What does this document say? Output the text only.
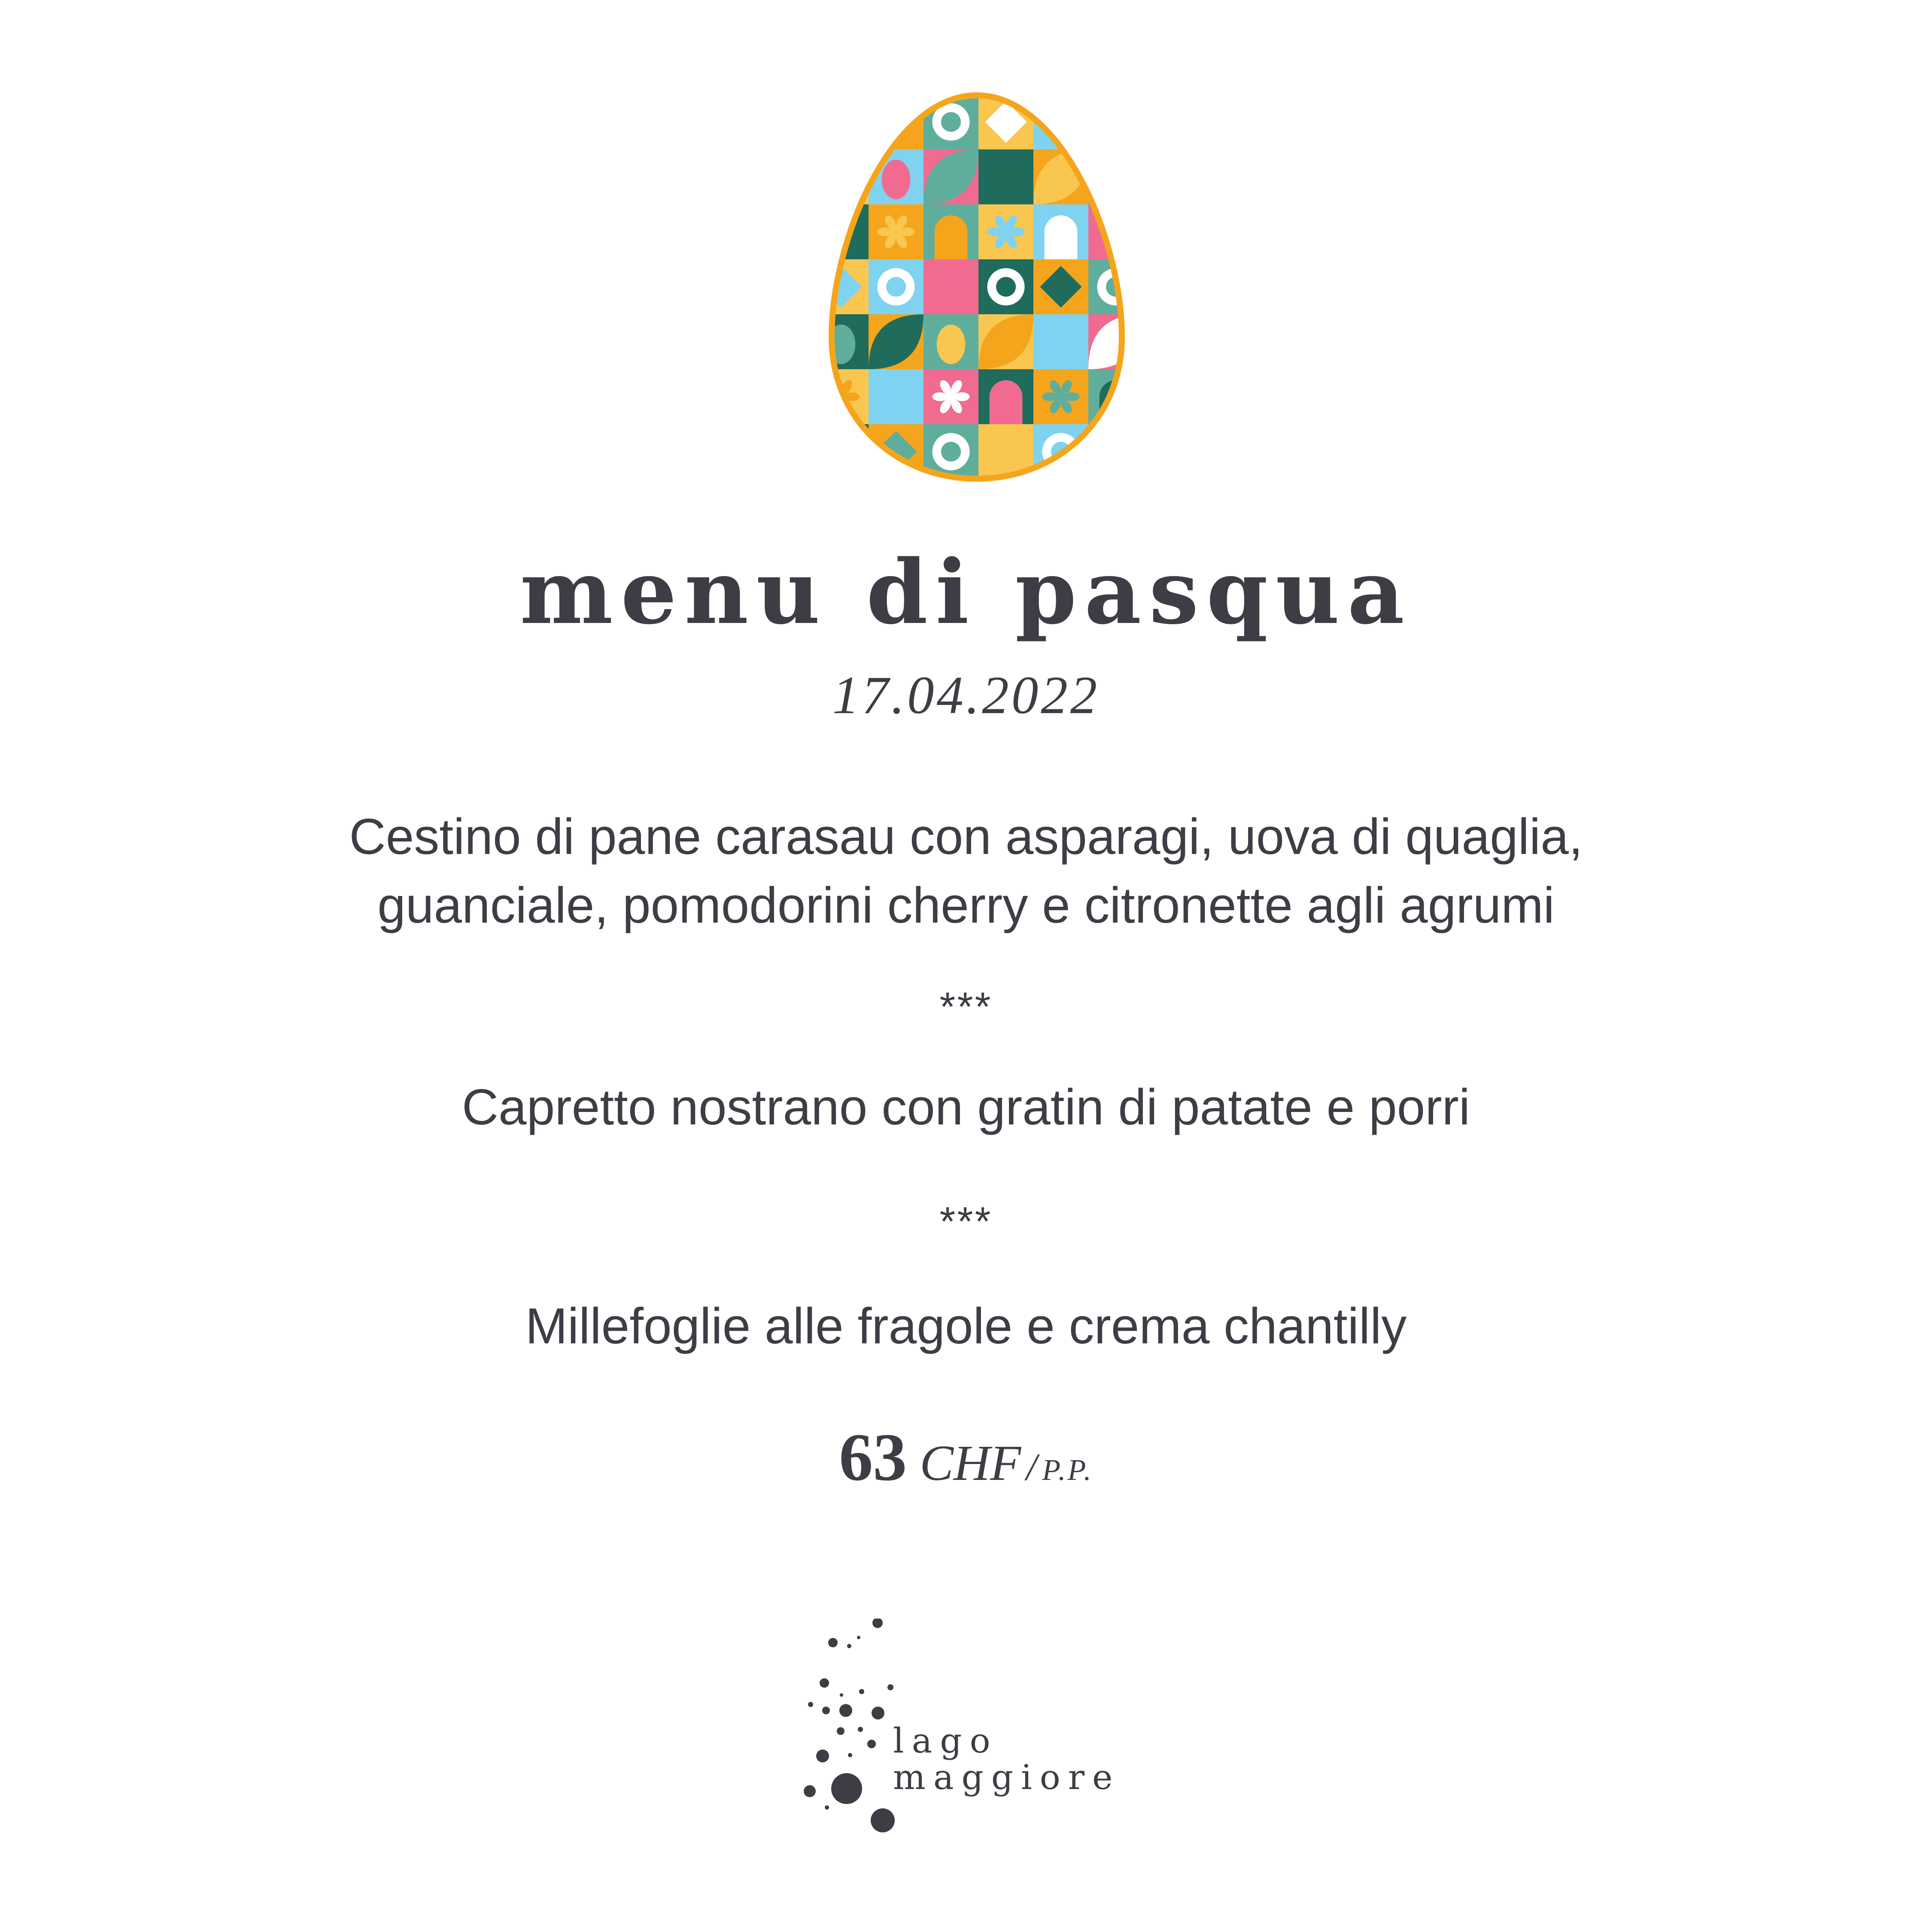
menu di pasqua
17.04.2022
Cestino di pane carasau con asparagi, uova di quaglia,
guanciale, pomodorini cherry e citronette agli agrumi
***
Capretto nostrano con gratin di patate e porri
***
Millefoglie alle fragole e crema chantilly
63 CHF / P.P.
lago
maggiore
